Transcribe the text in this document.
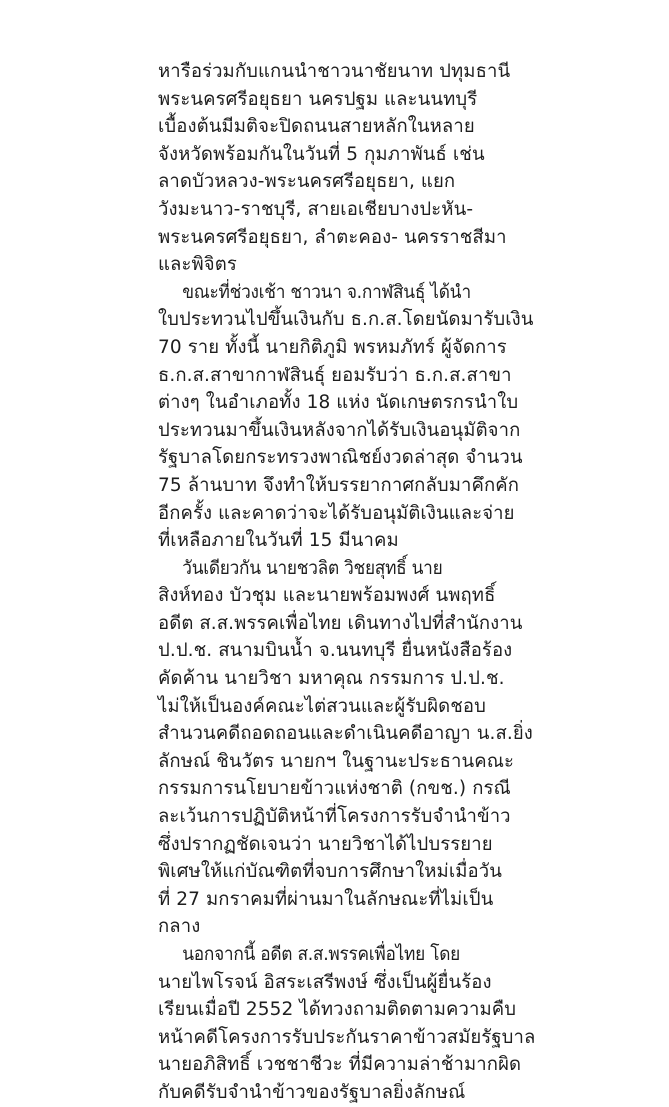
หารือร่วมกับแกนนำชาวนาชัยนาท ปทุมธานี
พระนครศรีอยุธยา นครปฐม และนนทบุรี
เบื้องต้นมีมติจะปิดถนนสายหลักในหลาย
จังหวัดพร้อมกันในวันที่ 5 กุมภาพันธ์ เช่น
ลาดบัวหลวง-พระนครศรีอยุธยา, แยก
วังมะนาว-ราชบุรี, สายเอเชียบางปะหัน-
พระนครศรีอยุธยา, ลำตะคอง- นครราชสีมา
และพิจิตร
ขณะที่ช่วงเช้า ชาวนา จ.กาฬสินธุ์ ได้นำ
ใบประทวนไปขึ้นเงินกับ ธ.ก.ส.โดยนัดมารับเงิน
70 ราย ทั้งนี้ นายกิติภูมิ พรหมภัทร์ ผู้จัดการ
ธ.ก.ส.สาขากาฬสินธุ์ ยอมรับว่า ธ.ก.ส.สาขา
ต่างๆ ในอำเภอทั้ง 18 แห่ง นัดเกษตรกรนำใบ
ประทวนมาขึ้นเงินหลังจากได้รับเงินอนุมัติจาก
รัฐบาลโดยกระทรวงพาณิชย์งวดล่าสุด จำนวน
75 ล้านบาท จึงทำให้บรรยากาศกลับมาคึกคัก
อีกครั้ง และคาดว่าจะได้รับอนุมัติเงินและจ่าย
ที่เหลือภายในวันที่ 15 มีนาคม
วันเดียวกัน นายชวลิต วิชยสุทธิ์ นาย
สิงห์ทอง บัวชุม และนายพร้อมพงศ์ นพฤทธิ์
อดีต ส.ส.พรรคเพื่อไทย เดินทางไปที่สำนักงาน
ป.ป.ช. สนามบินน้ำ จ.นนทบุรี ยื่นหนังสือร้อง
คัดค้าน นายวิชา มหาคุณ กรรมการ ป.ป.ช.
ไม่ให้เป็นองค์คณะไต่สวนและผู้รับผิดชอบ
สำนวนคดีถอดถอนและดำเนินคดีอาญา น.ส.ยิ่ง
ลักษณ์ ชินวัตร นายกฯ ในฐานะประธานคณะ
กรรมการนโยบายข้าวแห่งชาติ (กขช.) กรณี
ละเว้นการปฏิบัติหน้าที่โครงการรับจำนำข้าว
ซึ่งปรากฏชัดเจนว่า นายวิชาได้ไปบรรยาย
พิเศษให้แก่บัณฑิตที่จบการศึกษาใหม่เมื่อวัน
ที่ 27 มกราคมที่ผ่านมาในลักษณะที่ไม่เป็น
กลาง
นอกจากนี้ อดีต ส.ส.พรรคเพื่อไทย โดย
นายไพโรจน์ อิสระเสรีพงษ์ ซึ่งเป็นผู้ยื่นร้อง
เรียนเมื่อปี 2552 ได้ทวงถามติดตามความคืบ
หน้าคดีโครงการรับประกันราคาข้าวสมัยรัฐบาล
นายอภิสิทธิ์ เวชชาชีวะ ที่มีความล่าช้ามากผิด
กับคดีรับจำนำข้าวของรัฐบาลยิ่งลักษณ์
